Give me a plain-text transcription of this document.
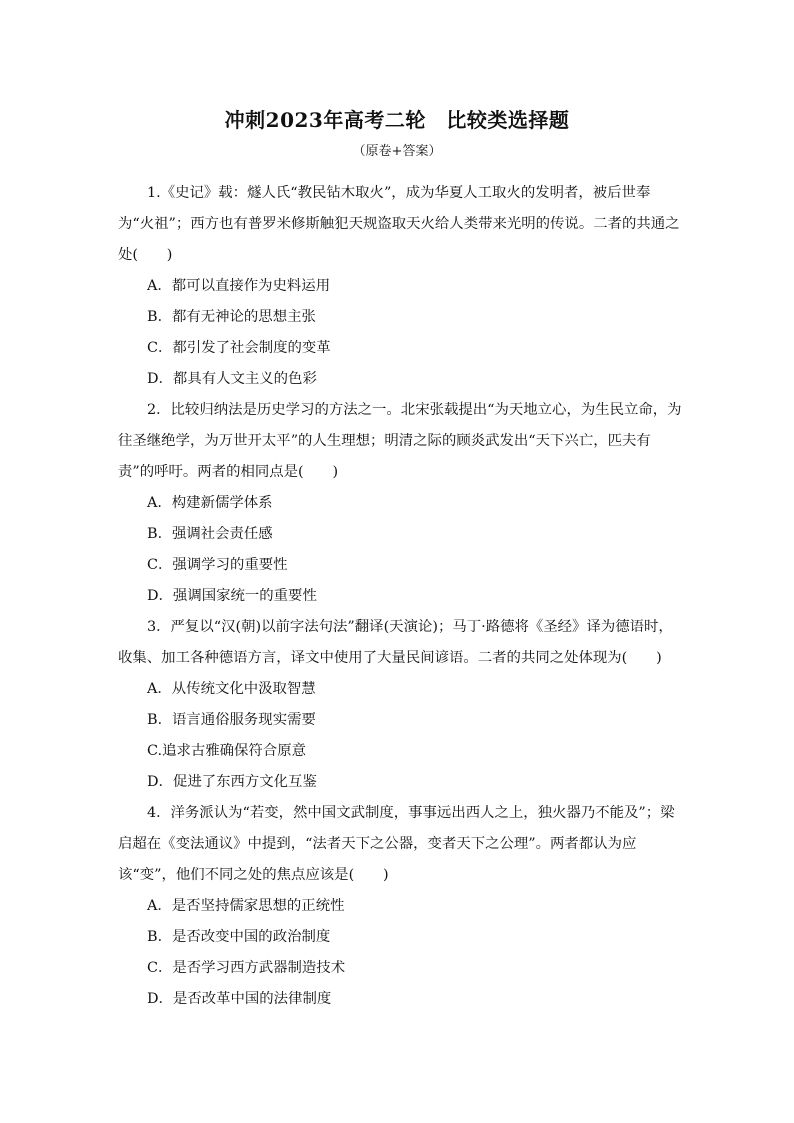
冲刺2023年高考二轮　比较类选择题
（原卷+答案）

1.《史记》载：燧人氏“教民钻木取火”，成为华夏人工取火的发明者，被后世奉为“火祖”；西方也有普罗米修斯触犯天规盗取天火给人类带来光明的传说。二者的共通之处(　　)

A．都可以直接作为史料运用
B．都有无神论的思想主张
C．都引发了社会制度的变革
D．都具有人文主义的色彩

2．比较归纳法是历史学习的方法之一。北宋张载提出“为天地立心，为生民立命，为往圣继绝学，为万世开太平”的人生理想；明清之际的顾炎武发出“天下兴亡，匹夫有责”的呼吁。两者的相同点是(　　)

A．构建新儒学体系
B．强调社会责任感
C．强调学习的重要性
D．强调国家统一的重要性

3．严复以“汉(朝)以前字法句法”翻译(天演论)；马丁·路德将《圣经》译为德语时，收集、加工各种德语方言，译文中使用了大量民间谚语。二者的共同之处体现为(　　)

A．从传统文化中汲取智慧
B．语言通俗服务现实需要
C.追求古雅确保符合原意
D．促进了东西方文化互鉴

4．洋务派认为“若变，然中国文武制度，事事远出西人之上，独火器乃不能及”；梁启超在《变法通议》中提到，“法者天下之公器，变者天下之公理”。两者都认为应该“变”，他们不同之处的焦点应该是(　　)

A．是否坚持儒家思想的正统性
B．是否改变中国的政治制度
C．是否学习西方武器制造技术
D．是否改革中国的法律制度
